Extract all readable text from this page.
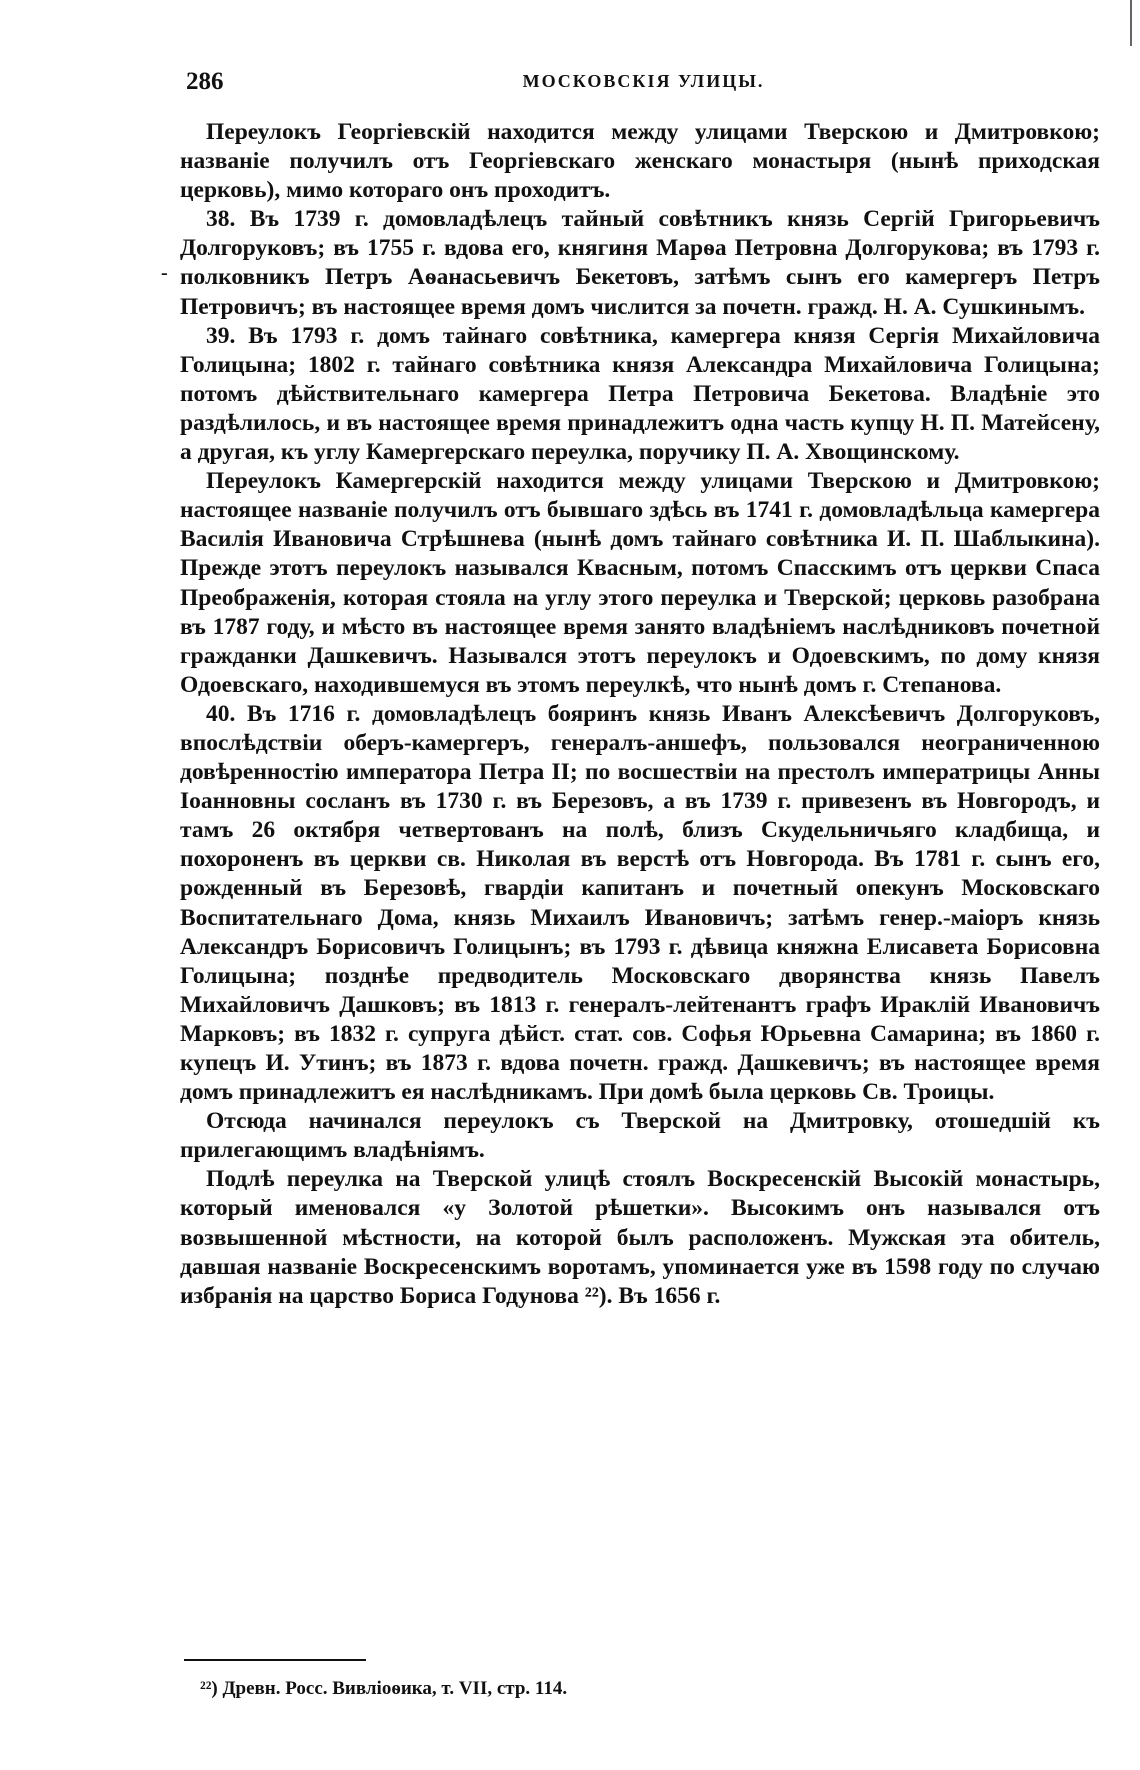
286	МОСКОВСКІЯ УЛИЦЫ.
-

Переулокъ Георгіевскій находится между улицами Тверскою и Дмитровкою; названіе получилъ отъ Георгіевскаго женскаго монастыря (нынѣ приходская церковь), мимо котораго онъ проходитъ.

38. Въ 1739 г. домовладѣлецъ тайный совѣтникъ князь Сергій Григорьевичъ Долгоруковъ; въ 1755 г. вдова его, княгиня Марѳа Петровна Долгорукова; въ 1793 г. полковникъ Петръ Аѳанасьевичъ Бекетовъ, затѣмъ сынъ его камергеръ Петръ Петровичъ; въ настоящее время домъ числится за почетн. гражд. Н. А. Сушкинымъ.

39. Въ 1793 г. домъ тайнаго совѣтника, камергера князя Сергія Михайловича Голицына; 1802 г. тайнаго совѣтника князя Александра Михайловича Голицына; потомъ дѣйствительнаго камергера Петра Петровича Бекетова. Владѣніе это раздѣлилось, и въ настоящее время принадлежитъ одна часть купцу Н. П. Матейсену, а другая, къ углу Камергерскаго переулка, поручику П. А. Хвощинскому.

Переулокъ Камергерскій находится между улицами Тверскою и Дмитровкою; настоящее названіе получилъ отъ бывшаго здѣсь въ 1741 г. домовладѣльца камергера Василія Ивановича Стрѣшнева (нынѣ домъ тайнаго совѣтника И. П. Шаблыкина). Прежде этотъ переулокъ назывался Квасным, потомъ Спасскимъ отъ церкви Спаса Преображенія, которая стояла на углу этого переулка и Тверской; церковь разобрана въ 1787 году, и мѣсто въ настоящее время занято владѣніемъ наслѣдниковъ почетной гражданки Дашкевичъ. Назывался этотъ переулокъ и Одоевскимъ, по дому князя Одоевскаго, находившемуся въ этомъ переулкѣ, что нынѣ домъ г. Степанова.

40. Въ 1716 г. домовладѣлецъ бояринъ князь Иванъ Алексѣевичъ Долгоруковъ, впослѣдствіи оберъ-камергеръ, генералъ-аншефъ, пользовался неограниченною довѣренностію императора Петра II; по восшествіи на престолъ императрицы Анны Іоанновны сосланъ въ 1730 г. въ Березовъ, а въ 1739 г. привезенъ въ Новгородъ, и тамъ 26 октября четвертованъ на полѣ, близъ Скудельничьяго кладбища, и похороненъ въ церкви св. Николая въ верстѣ отъ Новгорода. Въ 1781 г. сынъ его, рожденный въ Березовѣ, гвардіи капитанъ и почетный опекунъ Московскаго Воспитательнаго Дома, князь Михаилъ Ивановичъ; затѣмъ генер.-маіоръ князь Александръ Борисовичъ Голицынъ; въ 1793 г. дѣвица княжна Елисавета Борисовна Голицына; позднѣе предводитель Московскаго дворянства князь Павелъ Михайловичъ Дашковъ; въ 1813 г. генералъ-лейтенантъ графъ Ираклій Ивановичъ Марковъ; въ 1832 г. супруга дѣйст. стат. сов. Софья Юрьевна Самарина; въ 1860 г. купецъ И. Утинъ; въ 1873 г. вдова почетн. гражд. Дашкевичъ; въ настоящее время домъ принадлежитъ ея наслѣдникамъ. При домѣ была церковь Св. Троицы.

Отсюда начинался переулокъ съ Тверской на Дмитровку, отошедшій къ прилегающимъ владѣніямъ.

Подлѣ переулка на Тверской улицѣ стоялъ Воскресенскій Высокій монастырь, который именовался «у Золотой рѣшетки». Высокимъ онъ назывался отъ возвышенной мѣстности, на которой былъ расположенъ. Мужская эта обитель, давшая названіе Воскресенскимъ воротамъ, упоминается уже въ 1598 году по случаю избранія на царство Бориса Годунова ²²). Въ 1656 г.

²²) Древн. Росс. Вивліоѳика, т. VII, стр. 114.
